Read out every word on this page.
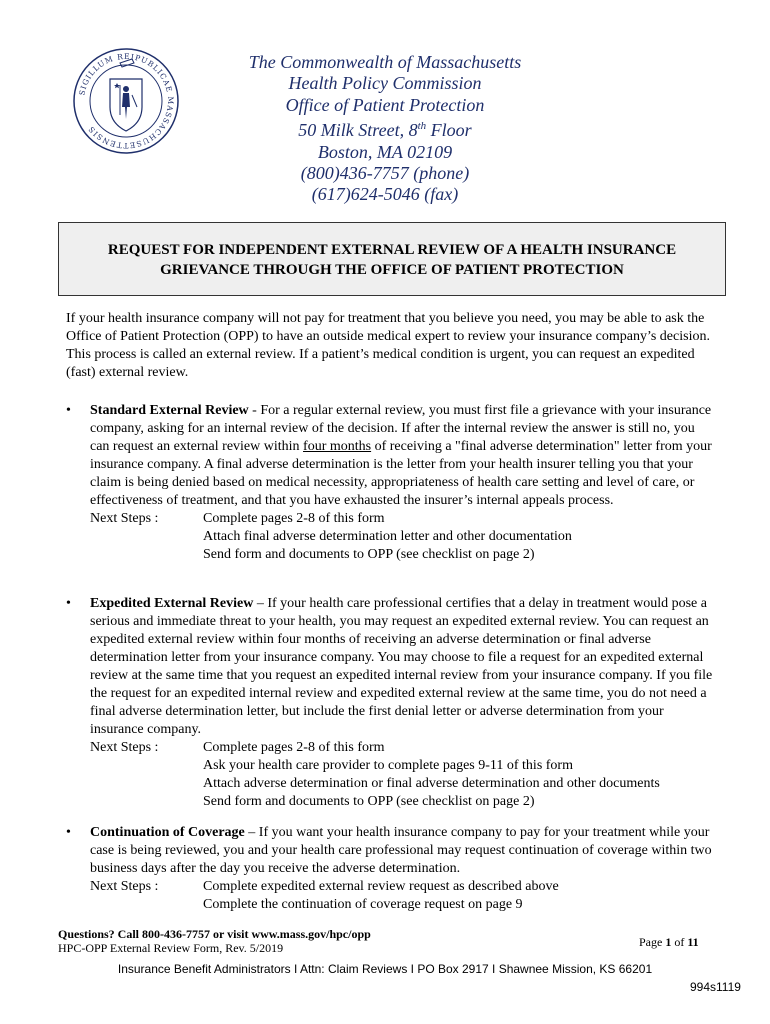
SIGILLUM REIPUBLICAE MASSACHUSETTENSIS
The Commonwealth of Massachusetts
Health Policy Commission
Office of Patient Protection
50 Milk Street, 8th Floor
Boston, MA 02109
(800)436-7757 (phone)
(617)624-5046 (fax)
REQUEST FOR INDEPENDENT EXTERNAL REVIEW OF A HEALTH INSURANCE
GRIEVANCE THROUGH THE OFFICE OF PATIENT PROTECTION
If your health insurance company will not pay for treatment that you believe you need, you may be able to ask the Office of Patient Protection (OPP) to have an outside medical expert to review your insurance company’s decision. This process is called an external review. If a patient’s medical condition is urgent, you can request an expedited (fast) external review.
• Standard External Review - For a regular external review, you must first file a grievance with your insurance company, asking for an internal review of the decision. If after the internal review the answer is still no, you can request an external review within four months of receiving a "final adverse determination" letter from your insurance company. A final adverse determination is the letter from your health insurer telling you that your claim is being denied based on medical necessity, appropriateness of health care setting and level of care, or effectiveness of treatment, and that you have exhausted the insurer’s internal appeals process.
Next Steps :	Complete pages 2-8 of this form
Attach final adverse determination letter and other documentation
Send form and documents to OPP (see checklist on page 2)
• Expedited External Review – If your health care professional certifies that a delay in treatment would pose a serious and immediate threat to your health, you may request an expedited external review. You can request an expedited external review within four months of receiving an adverse determination or final adverse determination letter from your insurance company. You may choose to file a request for an expedited external review at the same time that you request an expedited internal review from your insurance company. If you file the request for an expedited internal review and expedited external review at the same time, you do not need a final adverse determination letter, but include the first denial letter or adverse determination from your insurance company.
Next Steps :	Complete pages 2-8 of this form
Ask your health care provider to complete pages 9-11 of this form
Attach adverse determination or final adverse determination and other documents
Send form and documents to OPP (see checklist on page 2)
• Continuation of Coverage – If you want your health insurance company to pay for your treatment while your case is being reviewed, you and your health care professional may request continuation of coverage within two business days after the day you receive the adverse determination.
Next Steps :	Complete expedited external review request as described above
Complete the continuation of coverage request on page 9
Questions? Call 800-436-7757 or visit www.mass.gov/hpc/opp
HPC-OPP External Review Form, Rev. 5/2019	Page 1 of 11
Insurance Benefit Administrators I Attn: Claim Reviews I PO Box 2917 I Shawnee Mission, KS 66201
994s1119
